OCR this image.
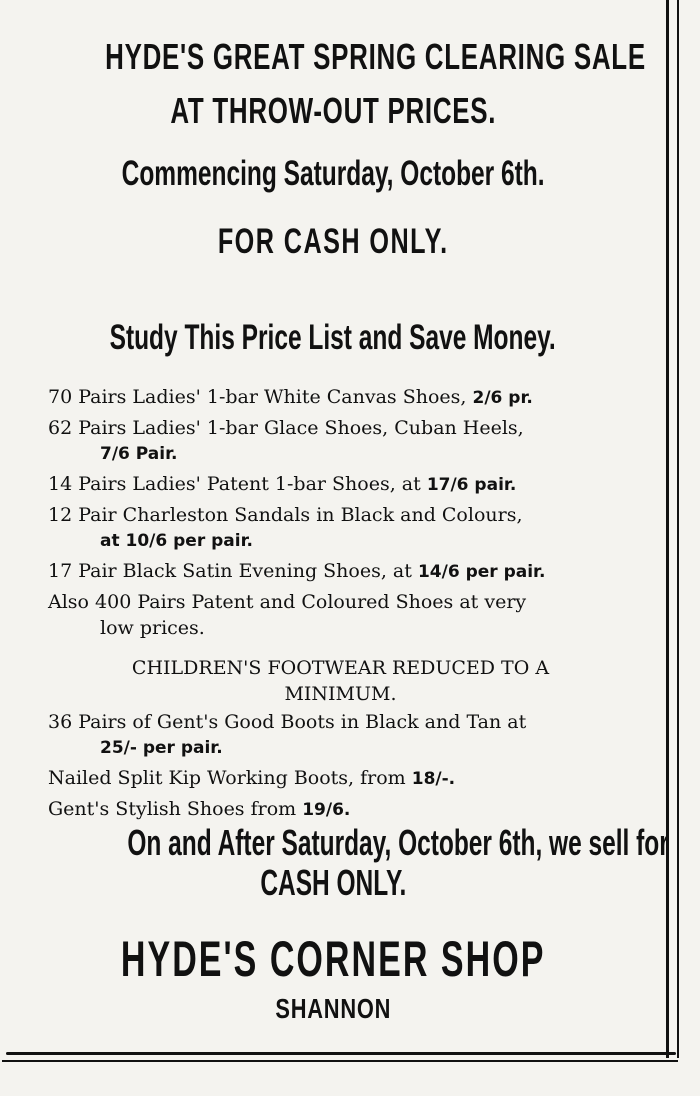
HYDE'S GREAT SPRING CLEARING SALE
AT THROW-OUT PRICES.
Commencing Saturday, October 6th.
FOR CASH ONLY.
Study This Price List and Save Money.
70 Pairs Ladies' 1-bar White Canvas Shoes, 2/6 pr.
62 Pairs Ladies' 1-bar Glace Shoes, Cuban Heels,
7/6 Pair.
14 Pairs Ladies' Patent 1-bar Shoes, at 17/6 pair.
12 Pair Charleston Sandals in Black and Colours,
at 10/6 per pair.
17 Pair Black Satin Evening Shoes, at 14/6 per pair.
Also 400 Pairs Patent and Coloured Shoes at very
low prices.
CHILDREN'S FOOTWEAR REDUCED TO A
MINIMUM.
36 Pairs of Gent's Good Boots in Black and Tan at
25/- per pair.
Nailed Split Kip Working Boots, from 18/-.
Gent's Stylish Shoes from 19/6.
On and After Saturday, October 6th, we sell for
CASH ONLY.
HYDE'S CORNER SHOP
SHANNON
